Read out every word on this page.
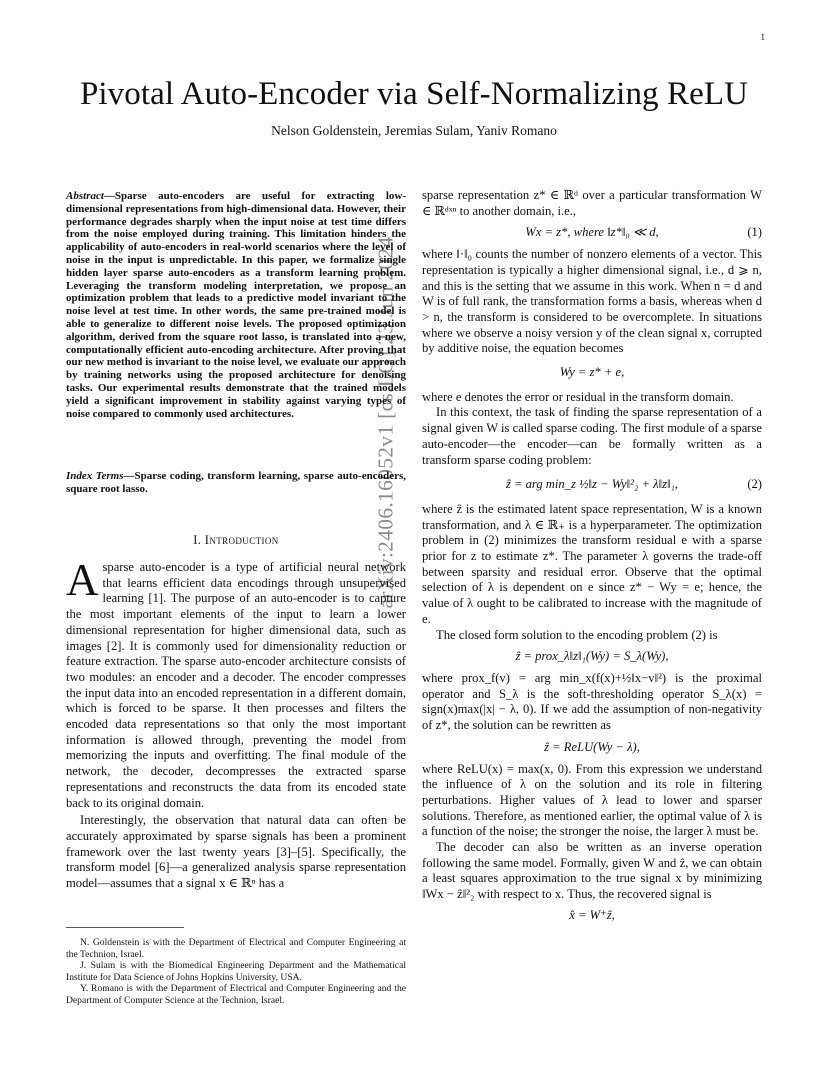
1
arXiv:2406.16052v1 [cs.LG] 23 Jun 2024
Pivotal Auto-Encoder via Self-Normalizing ReLU
Nelson Goldenstein, Jeremias Sulam, Yaniv Romano
Abstract—Sparse auto-encoders are useful for extracting low-dimensional representations from high-dimensional data. However, their performance degrades sharply when the input noise at test time differs from the noise employed during training. This limitation hinders the applicability of auto-encoders in real-world scenarios where the level of noise in the input is unpredictable. In this paper, we formalize single hidden layer sparse auto-encoders as a transform learning problem. Leveraging the transform modeling interpretation, we propose an optimization problem that leads to a predictive model invariant to the noise level at test time. In other words, the same pre-trained model is able to generalize to different noise levels. The proposed optimization algorithm, derived from the square root lasso, is translated into a new, computationally efficient auto-encoding architecture. After proving that our new method is invariant to the noise level, we evaluate our approach by training networks using the proposed architecture for denoising tasks. Our experimental results demonstrate that the trained models yield a significant improvement in stability against varying types of noise compared to commonly used architectures.
Index Terms—Sparse coding, transform learning, sparse auto-encoders, square root lasso.
I. Introduction

Asparse auto-encoder is a type of artificial neural network that learns efficient data encodings through unsupervised learning [1]. The purpose of an auto-encoder is to capture the most important elements of the input to learn a lower dimensional representation for higher dimensional data, such as images [2]. It is commonly used for dimensionality reduction or feature extraction. The sparse auto-encoder architecture consists of two modules: an encoder and a decoder. The encoder compresses the input data into an encoded representation in a different domain, which is forced to be sparse. It then processes and filters the encoded data representations so that only the most important information is allowed through, preventing the model from memorizing the inputs and overfitting. The final module of the network, the decoder, decompresses the extracted sparse representations and reconstructs the data from its encoded state back to its original domain.

Interestingly, the observation that natural data can often be accurately approximated by sparse signals has been a prominent framework over the last twenty years [3]–[5]. Specifically, the transform model [6]—a generalized analysis sparse representation model—assumes that a signal x ∈ ℝⁿ has a

N. Goldenstein is with the Department of Electrical and Computer Engineering at the Technion, Israel.

J. Sulam is with the Biomedical Engineering Department and the Mathematical Institute for Data Science of Johns Hopkins University, USA.

Y. Romano is with the Department of Electrical and Computer Engineering and the Department of Computer Science at the Technion, Israel.

sparse representation z* ∈ ℝᵈ over a particular transformation W ∈ ℝᵈˣⁿ to another domain, i.e.,

Wx = z*, where ‖z*‖₀ ≪ d,	(1)

where ‖·‖₀ counts the number of nonzero elements of a vector. This representation is typically a higher dimensional signal, i.e., d ⩾ n, and this is the setting that we assume in this work. When n = d and W is of full rank, the transformation forms a basis, whereas when d > n, the transform is considered to be overcomplete. In situations where we observe a noisy version y of the clean signal x, corrupted by additive noise, the equation becomes

Wy = z* + e,

where e denotes the error or residual in the transform domain.

In this context, the task of finding the sparse representation of a signal given W is called sparse coding. The first module of a sparse auto-encoder—the encoder—can be formally written as a transform sparse coding problem:

ẑ = arg min_z ½‖z − Wy‖²₂ + λ‖z‖₁,	(2)

where ẑ is the estimated latent space representation, W is a known transformation, and λ ∈ ℝ₊ is a hyperparameter. The optimization problem in (2) minimizes the transform residual e with a sparse prior for z to estimate z*. The parameter λ governs the trade-off between sparsity and residual error. Observe that the optimal selection of λ is dependent on e since z* − Wy = e; hence, the value of λ ought to be calibrated to increase with the magnitude of e.

The closed form solution to the encoding problem (2) is

ẑ = prox_λ‖z‖₁(Wy) = S_λ(Wy),

where prox_f(v) = arg min_x(f(x)+½‖x−v‖²) is the proximal operator and S_λ is the soft-thresholding operator S_λ(x) = sign(x)max(|x| − λ, 0). If we add the assumption of non-negativity of z*, the solution can be rewritten as

ẑ = ReLU(Wy − λ),

where ReLU(x) = max(x, 0). From this expression we understand the influence of λ on the solution and its role in filtering perturbations. Higher values of λ lead to lower and sparser solutions. Therefore, as mentioned earlier, the optimal value of λ is a function of the noise; the stronger the noise, the larger λ must be.

The decoder can also be written as an inverse operation following the same model. Formally, given W and ẑ, we can obtain a least squares approximation to the true signal x by minimizing ‖Wx − ẑ‖²₂ with respect to x. Thus, the recovered signal is

x̂ = W⁺ẑ,
